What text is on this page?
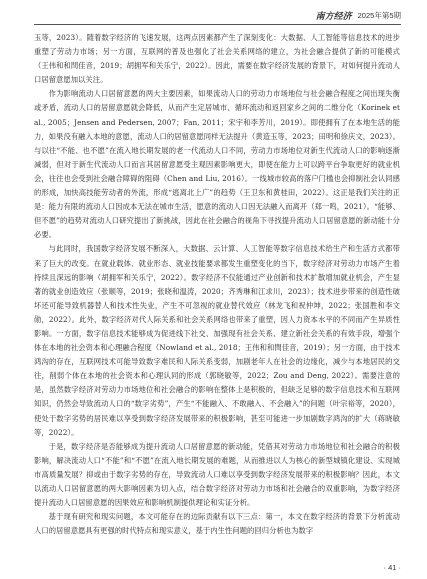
南方经济 2025年第5期

玉等，2023）。随着数字经济的飞速发展，这两点因素都产生了深刻变化：大数据、人工智能等信息技术的进步重塑了劳动力市场；另一方面，互联网的普及也强化了社会关系网络的建立，为社会融合提供了新的可能模式（王伟和和閆佳音，2019；胡拥军和关乐宁，2022）。因此，需要在数字经济发展的背景下，对如何提升流动人口居留意愿加以关注。

作为影响流动人口居留意愿的两大主要因素，如果流动人口的劳动力市场地位与社会融合程度之间出现失衡或矛盾，流动人口的居留意愿就会降低，从而产生定居城市、循环流动和返回家乡之间的二维分化（Korinek et al., 2005；Jensen and Pedersen, 2007；Fan, 2011；宋宇和李芳川，2019）。即使拥有了在本地生活的能力，如果没有融入本地的意愿，流动人口的居留意愿同样无法提升（黄造玉等，2023；田明和徐庆文，2023）。与以往“不能、也不愿”在流入地长期发展的老一代流动人口不同，劳动力市场地位对新生代流动人口的影响逐渐减弱，但对于新生代流动人口而言其居留意愿受主观因素影响更大，即使在能力上可以跨平台争取更好的就业机会，往往也会受到社会融合障碍的阻碍（Chen and Liu, 2016）。一线城市较高的落户门槛也会抑制社会认同感的形成，加快高技能劳动者的外流，形成“逃离北上广”的趋势（王卫东和黄桂田，2022）。这正是我们关注的正是：能力有限的流动人口因成本无法在城市生活，愿意的流动人口因无法融入而离开（郑一鸣，2021）。“能够、但不愿”的趋势对流动人口研究提出了新挑战，因此在社会融合的视角下寻找提升流动人口居留意愿的新动能十分必要。

与此同时，我国数字经济发展不断深入，大数据、云计算、人工智能等数字信息技术给生产和生活方式都带来了巨大的改变。在就业载体、就业形态、就业技能要求都发生重塑变化的当下，数字经济对劳动力市场产生着持续且深远的影响（胡拥军和关乐宁，2022）。数字经济不仅能通过产业创新和技术扩散增加就业机会，产生显著的就业创造效应（张顺等，2019；张晓和温涛，2020；齐秀琳和江求川，2023）；技术进步带来的创造性破坏还可能导致机器替人和技术性失业，产生不可忽视的就业替代效应（林龙飞和祝仲坤，2022；张国胜和李文勋，2022）。此外，数字经济对代人际关系和社会关系网络也带来了重塑，因人力资本水平的不同而产生异质性影响。一方面，数字信息技术能够成为促进线下社交、加强现有社会关系、建立新社会关系的有效手段，增强个体在本地的社会资本和心理融合程度（Nowland et al., 2018；王伟和和閆佳音，2019）；另一方面，由于技术鸿沟的存在，互联网技术可能导致数字难民和人际关系变弱，加剧老年人在社会的边缘化，减少与本地居民的交往，削弱个体在本地的社会资本和心理认同的形成（郭晓敏等，2022；Zou and Deng, 2022）。需要注意的是，虽然数字经济对劳动力市场地位和社会融合的影响在整体上是积极的，但缺乏足够的数字信息技术和互联网知识，仍然会导致流动人口的“数字劣势”，产生“不能融入、不敢融入、不会融入”的问题（叶宗裕等，2020），使处于数字劣势的居民难以享受到数字经济发展带来的积极影响，甚至可能进一步加剧数字鸿沟的扩大（蒋晓敏等，2022）。

于是，数字经济是否能够成为提升流动人口居留意愿的新动能，凭借其对劳动力市场地位和社会融合的积极影响，解决流动人口“不能”和“不愿”在流入地长期发展的难题，从而推进以人为核心的新型城镇化建设、实现城市高质量发展？抑或由于数字劣势的存在，导致流动人口难以享受到数字经济发展带来的积极影响？因此，本文以流动人口居留意愿的两大影响因素为切入点，结合数字经济对劳动力市场和社会融合的双重影响，为数字经济提升流动人口居留意愿的因果效应和影响机制提供理论和实证分析。

基于现有研究和现实问题，本文可能存在的边际贡献有以下三点：第一，本文在数字经济的背景下分析流动人口的居留意愿具有更强的时代特点和现实意义，基于内生性问题的回归分析也为数字

· 41 ·
